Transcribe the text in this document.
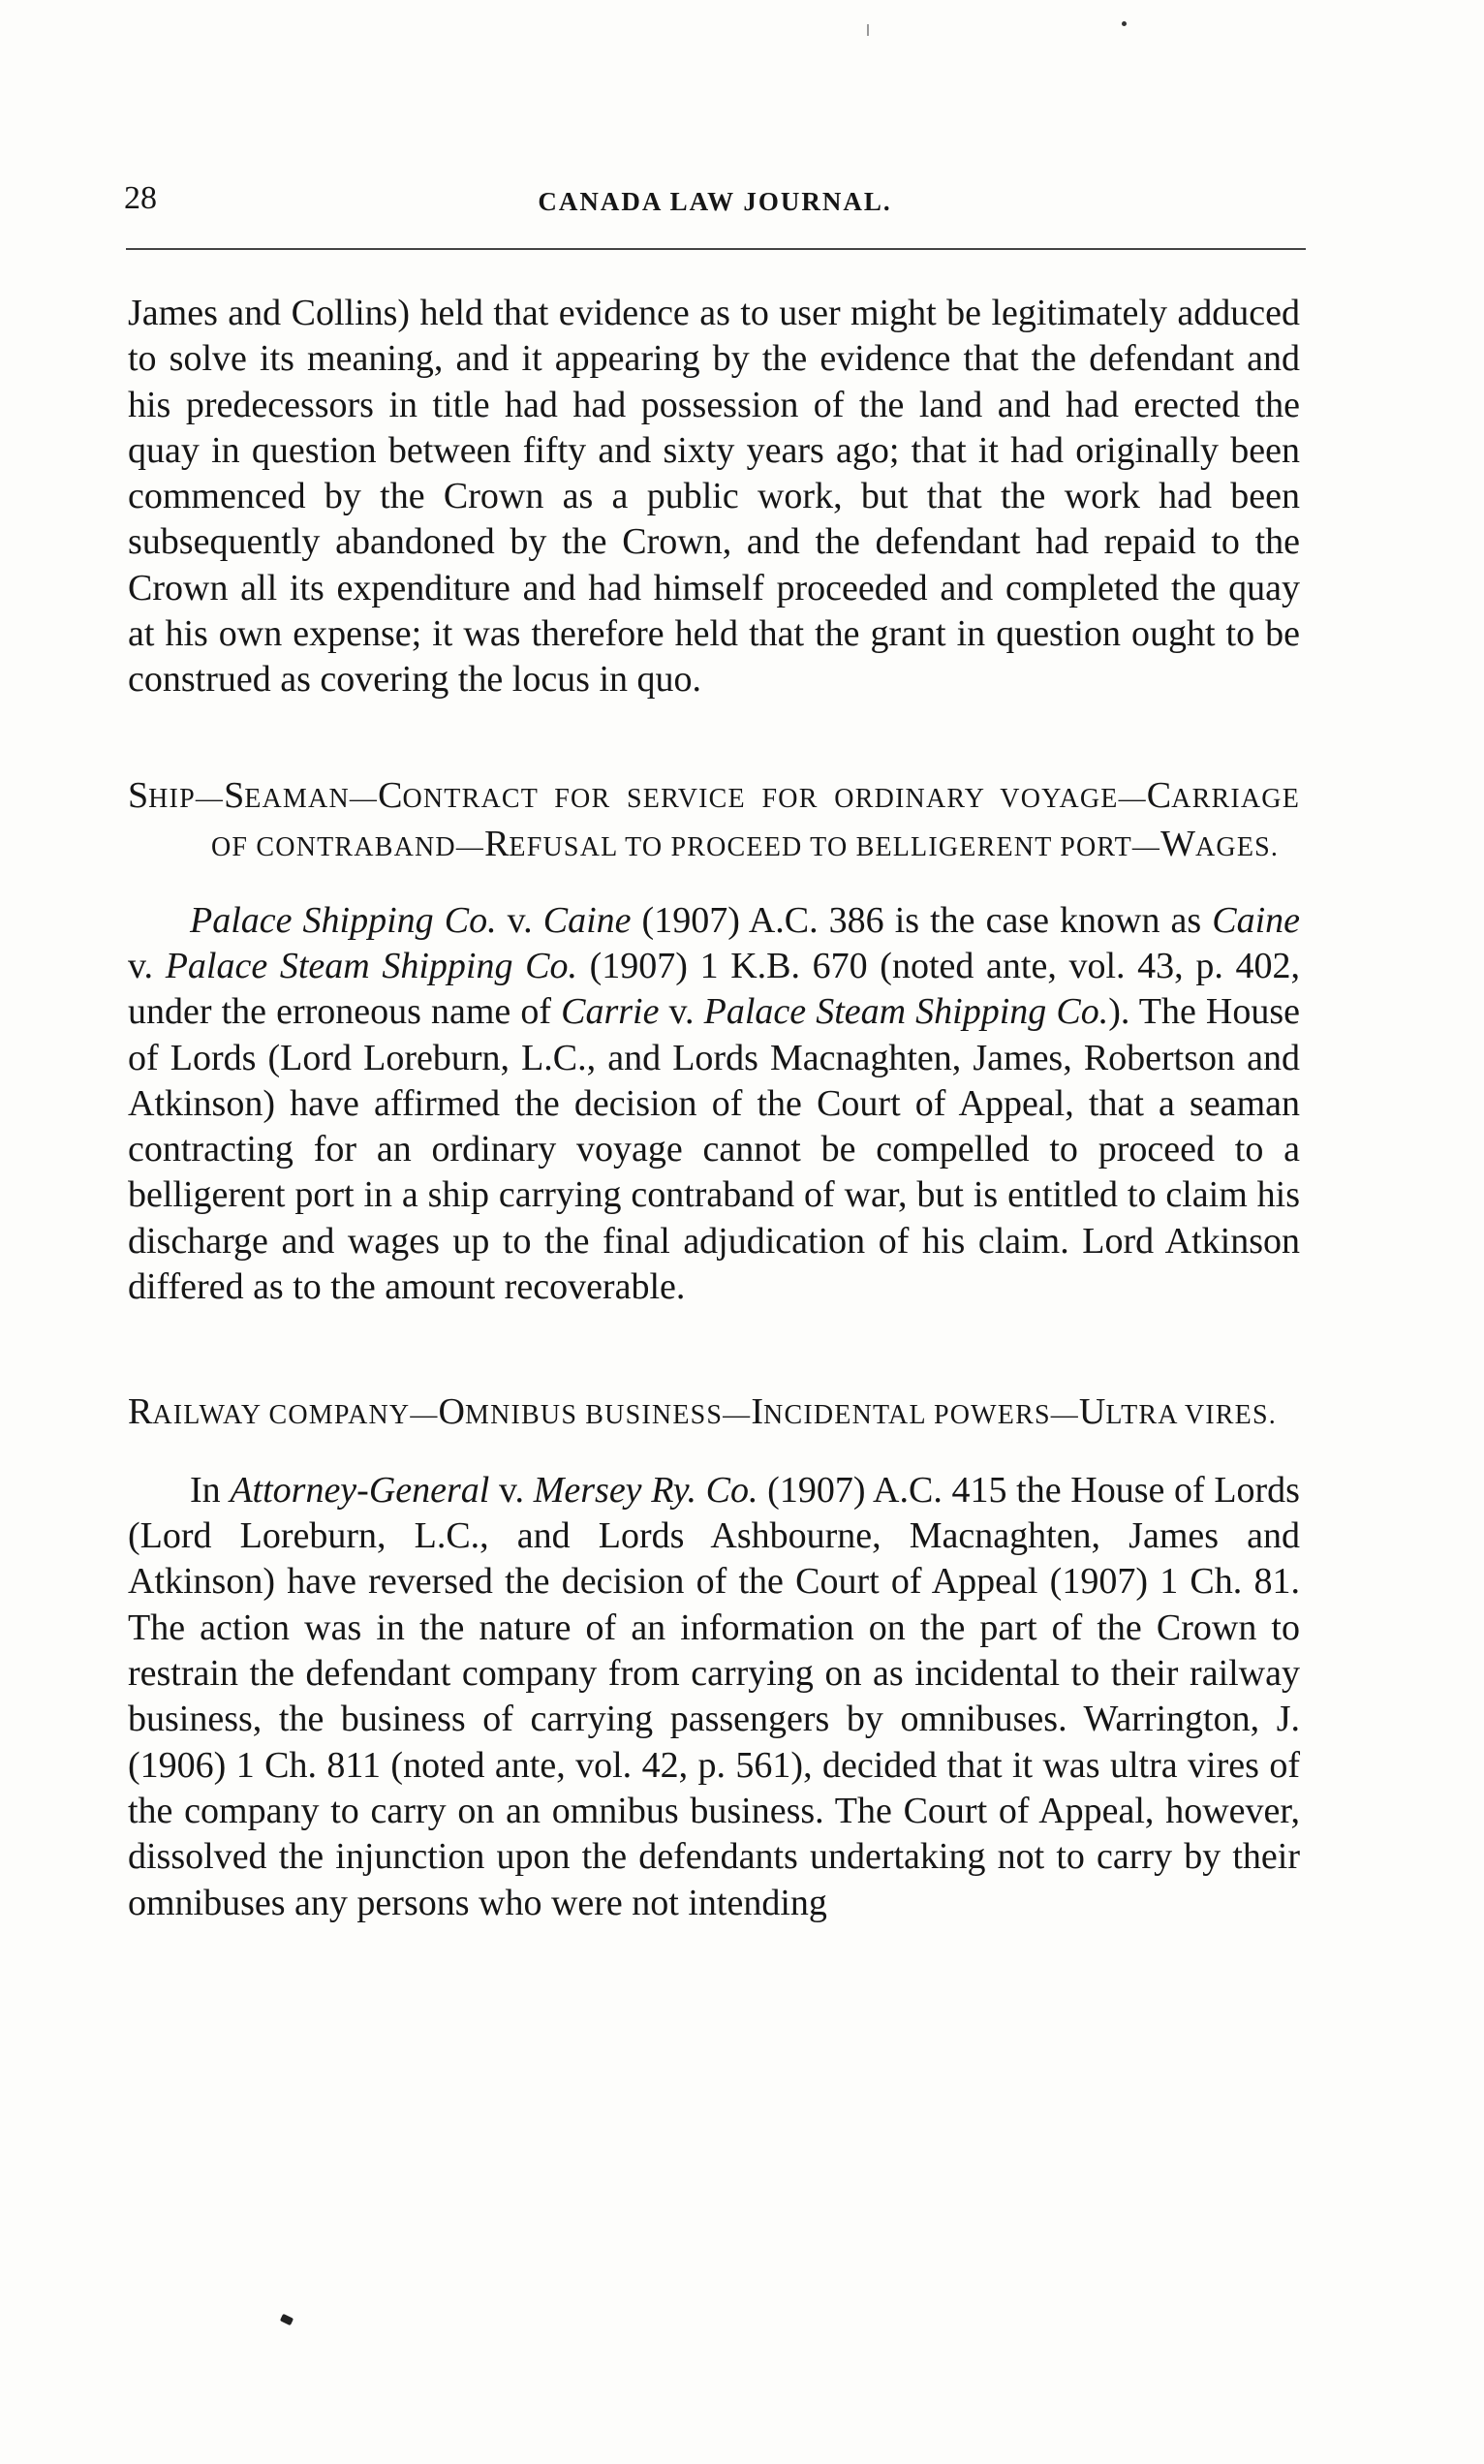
28	CANADA LAW JOURNAL.

James and Collins) held that evidence as to user might be legitimately adduced to solve its meaning, and it appearing by the evidence that the defendant and his predecessors in title had had possession of the land and had erected the quay in question between fifty and sixty years ago; that it had originally been commenced by the Crown as a public work, but that the work had been subsequently abandoned by the Crown, and the defendant had repaid to the Crown all its expenditure and had himself proceeded and completed the quay at his own expense; it was therefore held that the grant in question ought to be construed as covering the locus in quo.

SHIP—SEAMAN—CONTRACT FOR SERVICE FOR ORDINARY VOYAGE—CARRIAGE OF CONTRABAND—REFUSAL TO PROCEED TO BELLIGERENT PORT—WAGES.

Palace Shipping Co. v. Caine (1907) A.C. 386 is the case known as Caine v. Palace Steam Shipping Co. (1907) 1 K.B. 670 (noted ante, vol. 43, p. 402, under the erroneous name of Carrie v. Palace Steam Shipping Co.). The House of Lords (Lord Loreburn, L.C., and Lords Macnaghten, James, Robertson and Atkinson) have affirmed the decision of the Court of Appeal, that a seaman contracting for an ordinary voyage cannot be compelled to proceed to a belligerent port in a ship carrying contraband of war, but is entitled to claim his discharge and wages up to the final adjudication of his claim. Lord Atkinson differed as to the amount recoverable.

RAILWAY COMPANY—OMNIBUS BUSINESS—INCIDENTAL POWERS—ULTRA VIRES.

In Attorney-General v. Mersey Ry. Co. (1907) A.C. 415 the House of Lords (Lord Loreburn, L.C., and Lords Ashbourne, Macnaghten, James and Atkinson) have reversed the decision of the Court of Appeal (1907) 1 Ch. 81. The action was in the nature of an information on the part of the Crown to restrain the defendant company from carrying on as incidental to their railway business, the business of carrying passengers by omnibuses. Warrington, J. (1906) 1 Ch. 811 (noted ante, vol. 42, p. 561), decided that it was ultra vires of the company to carry on an omnibus business. The Court of Appeal, however, dissolved the injunction upon the defendants undertaking not to carry by their omnibuses any persons who were not intending
